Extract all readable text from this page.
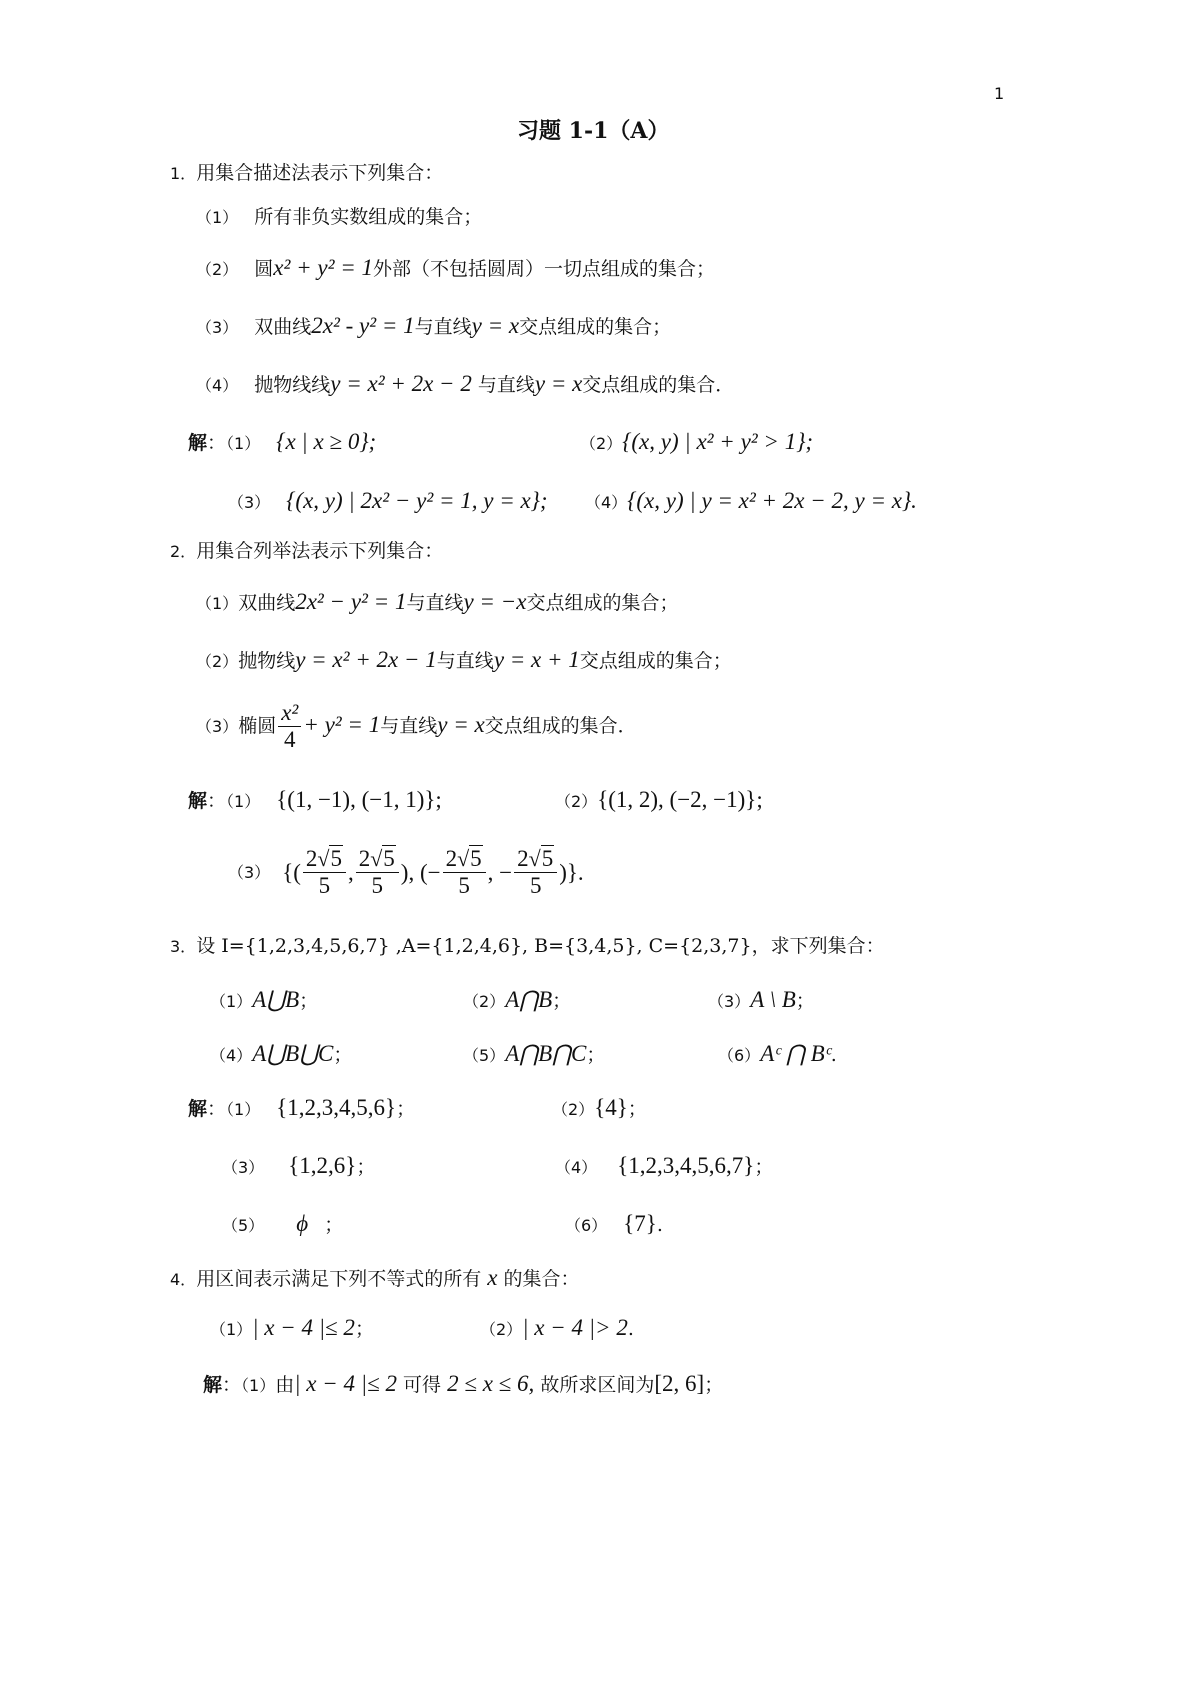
1
习题 1-1（A）
1．用集合描述法表示下列集合：
（1） 所有非负实数组成的集合；
（2） 圆x² + y² = 1外部（不包括圆周）一切点组成的集合；
（3） 双曲线2x² - y² = 1与直线y = x交点组成的集合；
（4） 抛物线线y = x² + 2x − 2 与直线y = x交点组成的集合．
解：（1） {x | x ≥ 0};	（2）{(x, y) | x² + y² > 1};
（3） {(x, y) | 2x² − y² = 1, y = x}; （4）{(x, y) | y = x² + 2x − 2, y = x}.
2．用集合列举法表示下列集合：
（1）双曲线2x² − y² = 1与直线y = −x交点组成的集合；
（2）抛物线y = x² + 2x − 1与直线y = x + 1交点组成的集合；
（3）椭圆 $\frac{\text{x²}}{4} + y^2 = 1$与直线y = x交点组成的集合．
解：（1） {(1, −1), (−1, 1)};	（2）{(1, 2), (−2, −1)};
（3） {( $\frac{2√5}{5}$ , $\frac{2√5}{5}$ ), (− $\frac{2√5}{5}$ , − $\frac{2√5}{5}$ )}.
3．设 I={1,2,3,4,5,6,7} ,A={1,2,4,6}, B={3,4,5}, C={2,3,7}，求下列集合：
（1）A⋃B；	（2）A⋂B；	（3）A \ B；
（4）A⋃B⋃C；	（5）A⋂B⋂C；	（6）Aᶜ ⋂ Bᶜ.
解：（1） {1,2,3,4,5,6}；	（2）{4}；
（3） {1,2,6}；	（4） {1,2,3,4,5,6,7}；
（5） ϕ ；	（6） {7}.
4．用区间表示满足下列不等式的所有 x 的集合：
（1）| x − 4 |≤ 2；	（2）| x − 4 |> 2.
解：（1）由| x − 4 |≤ 2 可得 2 ≤ x ≤ 6, 故所求区间为[2, 6]；
